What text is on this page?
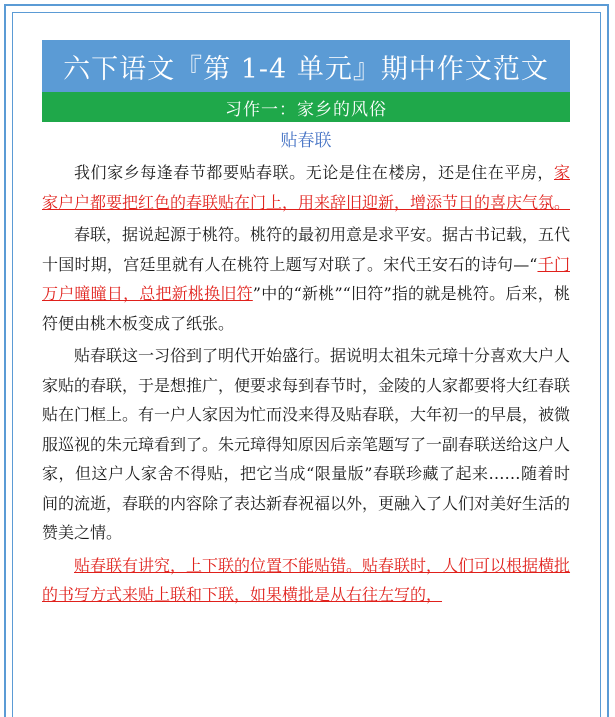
六下语文『第 1-4 单元』期中作文范文
习作一：家乡的风俗
贴春联

我们家乡每逢春节都要贴春联。无论是住在楼房，还是住在平房，家家户户都要把红色的春联贴在门上，用来辞旧迎新，增添节日的喜庆气氛。

春联，据说起源于桃符。桃符的最初用意是求平安。据古书记载，五代十国时期，宫廷里就有人在桃符上题写对联了。宋代王安石的诗句—“千门万户曈曈日，总把新桃换旧符”中的“新桃”“旧符”指的就是桃符。后来，桃符便由桃木板变成了纸张。

贴春联这一习俗到了明代开始盛行。据说明太祖朱元璋十分喜欢大户人家贴的春联，于是想推广，便要求每到春节时，金陵的人家都要将大红春联贴在门框上。有一户人家因为忙而没来得及贴春联，大年初一的早晨，被微服巡视的朱元璋看到了。朱元璋得知原因后亲笔题写了一副春联送给这户人家，但这户人家舍不得贴，把它当成“限量版”春联珍藏了起来……随着时间的流逝，春联的内容除了表达新春祝福以外，更融入了人们对美好生活的赞美之情。

贴春联有讲究，上下联的位置不能贴错。贴春联时，人们可以根据横批的书写方式来贴上联和下联，如果横批是从右往左写的，
